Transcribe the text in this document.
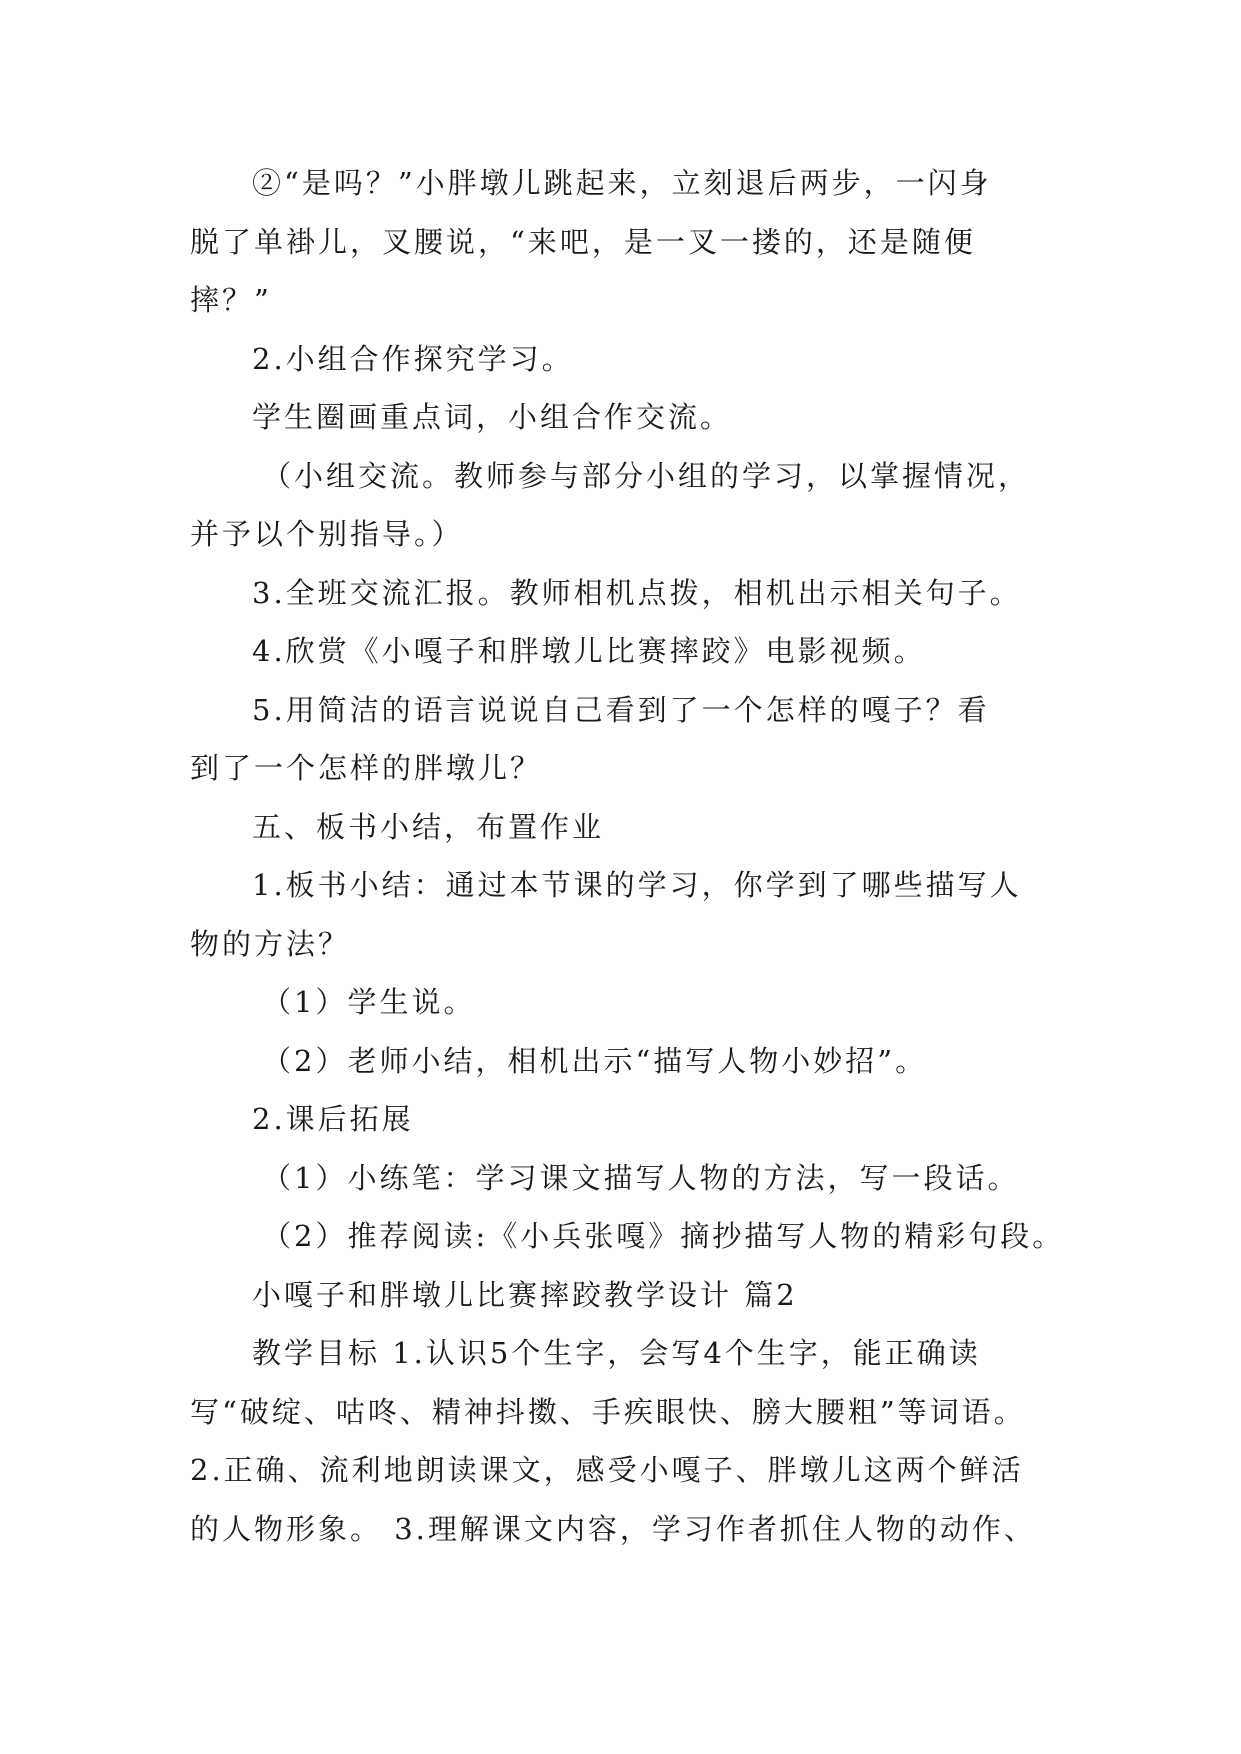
②“是吗？”小胖墩儿跳起来，立刻退后两步，一闪身
脱了单褂儿，叉腰说，“来吧，是一叉一搂的，还是随便
摔？”
2.小组合作探究学习。
学生圈画重点词，小组合作交流。
（小组交流。教师参与部分小组的学习，以掌握情况，
并予以个别指导。）
3.全班交流汇报。教师相机点拨，相机出示相关句子。
4.欣赏《小嘎子和胖墩儿比赛摔跤》电影视频。
5.用简洁的语言说说自己看到了一个怎样的嘎子？看
到了一个怎样的胖墩儿？
五、板书小结，布置作业
1.板书小结：通过本节课的学习，你学到了哪些描写人
物的方法？
（1）学生说。
（2）老师小结，相机出示“描写人物小妙招”。
2.课后拓展
（1）小练笔：学习课文描写人物的方法，写一段话。
（2）推荐阅读:《小兵张嘎》摘抄描写人物的精彩句段。
小嘎子和胖墩儿比赛摔跤教学设计 篇2
教学目标 1.认识5个生字，会写4个生字，能正确读
写“破绽、咕咚、精神抖擞、手疾眼快、膀大腰粗”等词语。
2.正确、流利地朗读课文，感受小嘎子、胖墩儿这两个鲜活
的人物形象。 3.理解课文内容，学习作者抓住人物的动作、
